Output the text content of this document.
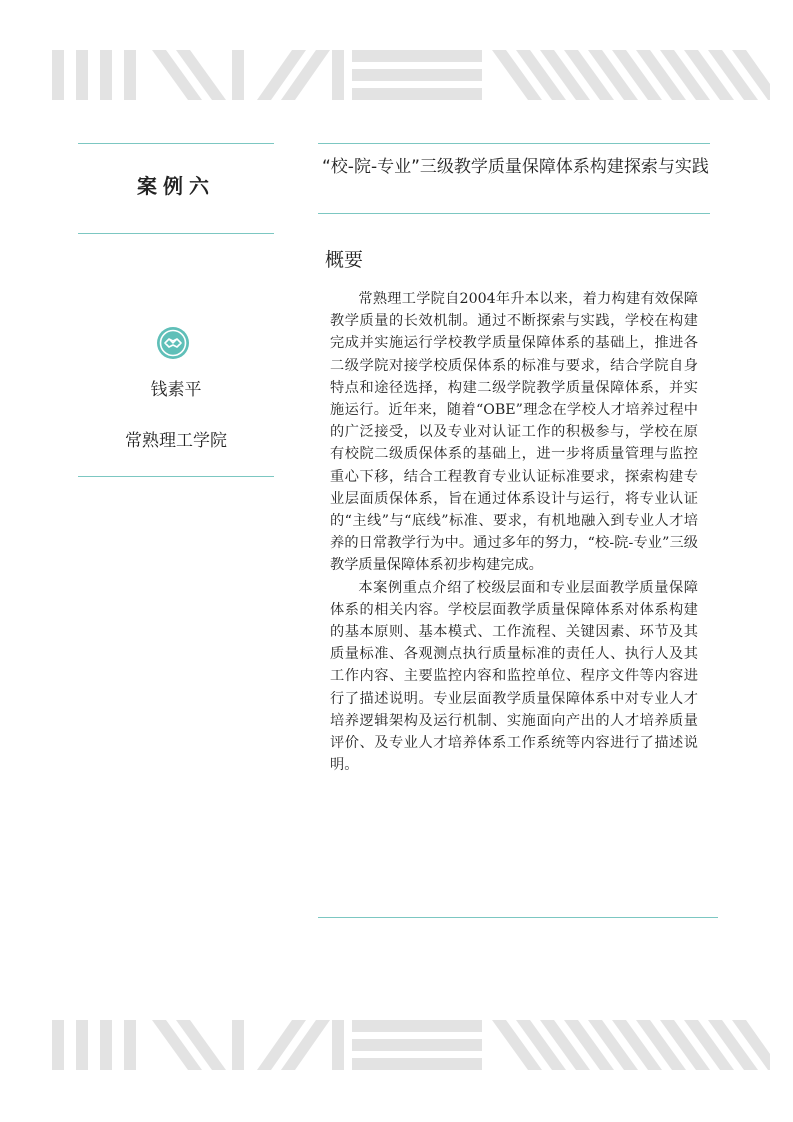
案例六
钱素平
常熟理工学院
“校-院-专业”三级教学质量保障体系构建探索与实践
概要

常熟理工学院自2004年升本以来，着力构建有效保障教学质量的长效机制。通过不断探索与实践，学校在构建完成并实施运行学校教学质量保障体系的基础上，推进各二级学院对接学校质保体系的标准与要求，结合学院自身特点和途径选择，构建二级学院教学质量保障体系，并实施运行。近年来，随着“OBE”理念在学校人才培养过程中的广泛接受，以及专业对认证工作的积极参与，学校在原有校院二级质保体系的基础上，进一步将质量管理与监控重心下移，结合工程教育专业认证标准要求，探索构建专业层面质保体系，旨在通过体系设计与运行，将专业认证的“主线”与“底线”标准、要求，有机地融入到专业人才培养的日常教学行为中。通过多年的努力，“校-院-专业”三级教学质量保障体系初步构建完成。

本案例重点介绍了校级层面和专业层面教学质量保障体系的相关内容。学校层面教学质量保障体系对体系构建的基本原则、基本模式、工作流程、关键因素、环节及其质量标准、各观测点执行质量标准的责任人、执行人及其工作内容、主要监控内容和监控单位、程序文件等内容进行了描述说明。专业层面教学质量保障体系中对专业人才培养逻辑架构及运行机制、实施面向产出的人才培养质量评价、及专业人才培养体系工作系统等内容进行了描述说明。
